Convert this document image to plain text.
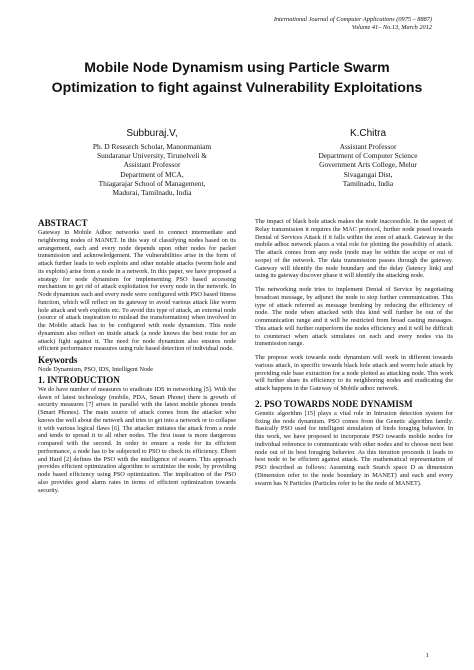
International Journal of Computer Applications (0975 – 8887)
Volume 41– No.13, March 2012
Mobile Node Dynamism using Particle Swarm
Optimization to fight against Vulnerability Exploitations
Subburaj.V,
Ph. D Research Scholar, Manonmaniam
Sundaranar University, Tirunelveli &
Assistant Professor
Department of MCA,
Thiagarajar School of Management,
Madurai, Tamilnadu, India
K.Chitra
Assistant Professor
Department of Computer Science
Government Arts College, Melur
Sivagangai Dist,
Tamilnadu, India
ABSTRACT

Gateway in Mobile Adhoc networks used to connect intermediate and neighboring nodes of MANET. In this way of classifying nodes based on its arrangement, each and every node depends upon other nodes for packet transmission and acknowledgement. The vulnerabilities arise in the form of attack further leads to web exploits and other notable attacks (worm hole and its exploits) arise from a node in a network. In this paper, we have proposed a strategy for node dynamism for implementing PSO based accessing mechanism to get rid of attack exploitation for every node in the network. In Node dynamism each and every node were configured with PSO based fitness function, which will reflect on its gateway to avoid various attack like worm hole attack and web exploits etc. To avoid this type of attack, an external node (source of attack inspiration to mislead the transformation) when involved in the Mobile attack has to be configured with node dynamism. This node dynamism also reflect on inside attack (a node knows the best route for an attack) fight against it. The need for node dynamism also ensures node efficient performance measures using rule based detection of individual node.

Keywords
Node Dynamism, PSO, IDS, Intelligent Node
1. INTRODUCTION

We do have number of measures to eradicate IDS in networking [5]. With the dawn of latest technology (mobile, PDA, Smart Phone) there is growth of security measures [7] arises in parallel with the latest mobile phones trends (Smart Phones). The main source of attack comes from the attacker who knows the well about the network and tries to get into a network or to collapse it with various logical flaws [6]. The attacker initiates the attack from a node and tends to spread it to all other nodes. The first issue is more dangerous compared with the second. In order to ensure a node for its efficient performance, a node has to be subjected to PSO to check its efficiency. Elbert and Hard [2] defines the PSO with the intelligence of swarm. This approach provides efficient optimization algorithm to scrutinize the node, by providing node based efficiency using PSO optimization. The implication of the PSO also provides good alarm rates in terms of efficient optimization towards security.

The impact of black hole attack makes the node inaccessible. In the aspect of Relay transmission it requires the MAC protocol, further node posed towards Denial of Services Attack if it falls within the zone of attack. Gateway in the mobile adhoc network places a vital role for plotting the possibility of attack. The attack comes from any node (node may be within the scope or out of scope) of the network. The data transmission passes through the gateway. Gateway will identify the node boundary and the delay (latency link) and using its gateway discover phase it will identify the attacking node.

The networking node tries to implement Denial of Service by negotiating broadcast message, by adjunct the node to stop further communication. This type of attack referred as message bombing by reducing the efficiency of node. The node when attacked with this kind will further be out of the communication range and it will be restricted from broad casting messages. This attack will further outperform the nodes efficiency and it will be difficult to counteract when attack simulates on each and every nodes via its transmission range.

The propose work towards node dynamism will work in different towards various attack, in specific towards black hole attack and worm hole attack by providing rule base extraction for a node plotted as attacking node. This work will further share its efficiency to its neighboring nodes and eradicating the attack happens in the Gateway of Mobile adhoc network.

2. PSO TOWARDS NODE DYNAMISM

Genetic algorithm [15] plays a vital role in Intrusion detection system for fixing the node dynamism. PSO comes from the Genetic algorithm family. Basically PSO used for intelligent simulation of birds foraging behavior. In this work, we have proposed to incorporate PSO towards mobile nodes for individual reference to communicate with other nodes and to choose next best node out of its best foraging behavior. As this iteration proceeds it leads to best node to be efficient against attack. The mathematical representation of PSO described as follows: Assuming each Search space D as dimension (Dimension refer to the node boundary in MANET) and each and every swarm has N Particles (Particles refer to be the node of MANET).

1
